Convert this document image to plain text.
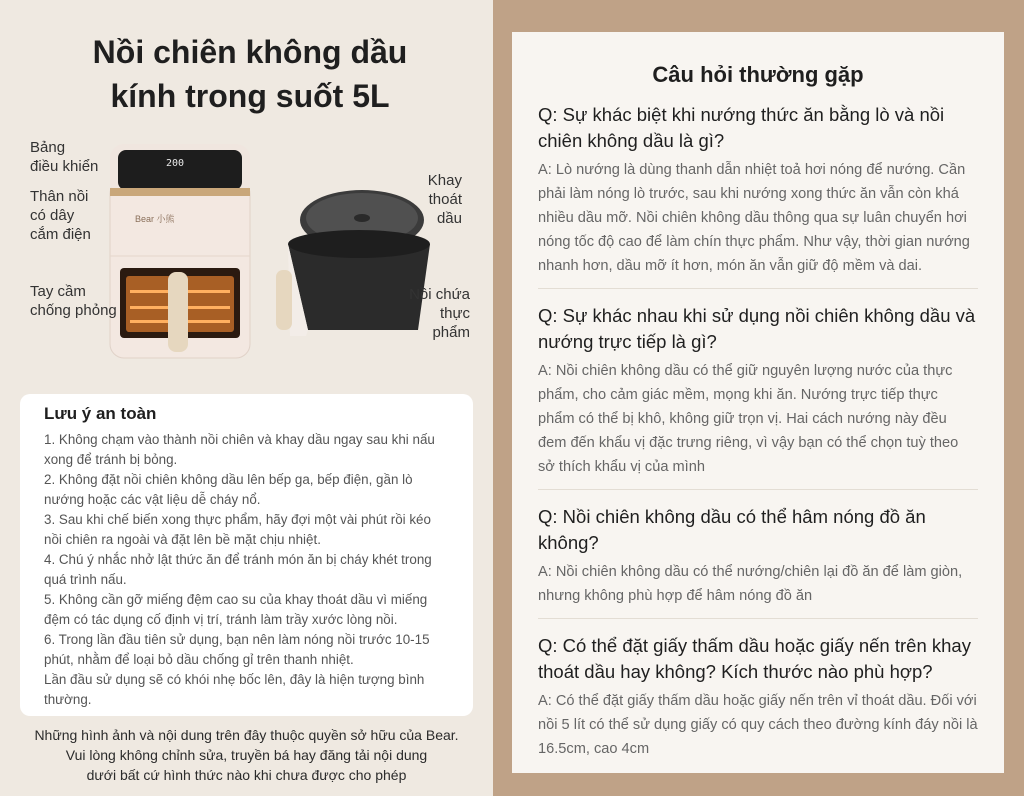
Nồi chiên không dầu
kính trong suốt 5L
200
Bear 小熊
Bảng
điều khiển
Thân nồi
có dây
cắm điện
Tay cầm
chống phỏng
Khay
thoát dầu
Nồi chứa
thực phẩm
Lưu ý an toàn
1. Không chạm vào thành nồi chiên và khay dầu ngay sau khi nấu xong để tránh bị bỏng.
2. Không đặt nồi chiên không dầu lên bếp ga, bếp điện, gần lò nướng hoặc các vật liệu dễ cháy nổ.
3. Sau khi chế biến xong thực phẩm, hãy đợi một vài phút rồi kéo nồi chiên ra ngoài và đặt lên bề mặt chịu nhiệt.
4. Chú ý nhắc nhở lật thức ăn để tránh món ăn bị cháy khét trong quá trình nấu.
5. Không cần gỡ miếng đệm cao su của khay thoát dầu vì miếng đệm có tác dụng cố định vị trí, tránh làm trầy xước lòng nồi.
6. Trong lần đầu tiên sử dụng, bạn nên làm nóng nồi trước 10-15 phút, nhằm để loại bỏ dầu chống gỉ trên thanh nhiệt.
Lần đầu sử dụng sẽ có khói nhẹ bốc lên, đây là hiện tượng bình thường.
Những hình ảnh và nội dung trên đây thuộc quyền sở hữu của Bear.
Vui lòng không chỉnh sửa, truyền bá hay đăng tải nội dung
dưới bất cứ hình thức nào khi chưa được cho phép
Câu hỏi thường gặp

Q: Sự khác biệt khi nướng thức ăn bằng lò và nồi chiên không dầu là gì?

A: Lò nướng là dùng thanh dẫn nhiệt toả hơi nóng để nướng. Cần phải làm nóng lò trước, sau khi nướng xong thức ăn vẫn còn khá nhiều dầu mỡ. Nồi chiên không dầu thông qua sự luân chuyển hơi nóng tốc độ cao để làm chín thực phẩm. Như vậy, thời gian nướng nhanh hơn, dầu mỡ ít hơn, món ăn vẫn giữ độ mềm và dai.

Q: Sự khác nhau khi sử dụng nồi chiên không dầu và nướng trực tiếp là gì?

A: Nồi chiên không dầu có thể giữ nguyên lượng nước của thực phẩm, cho cảm giác mềm, mọng khi ăn. Nướng trực tiếp thực phẩm có thể bị khô, không giữ trọn vị. Hai cách nướng này đều đem đến khẩu vị đặc trưng riêng, vì vậy bạn có thể chọn tuỳ theo sở thích khẩu vị của mình

Q: Nồi chiên không dầu có thể hâm nóng đồ ăn không?

A: Nồi chiên không dầu có thể nướng/chiên lại đồ ăn để làm giòn, nhưng không phù hợp để hâm nóng đồ ăn

Q: Có thể đặt giấy thấm dầu hoặc giấy nến trên khay thoát dầu hay không? Kích thước nào phù hợp?

A: Có thể đặt giấy thấm dầu hoặc giấy nến trên vỉ thoát dầu. Đối với nồi 5 lít có thể sử dụng giấy có quy cách theo đường kính đáy nồi là 16.5cm, cao 4cm
